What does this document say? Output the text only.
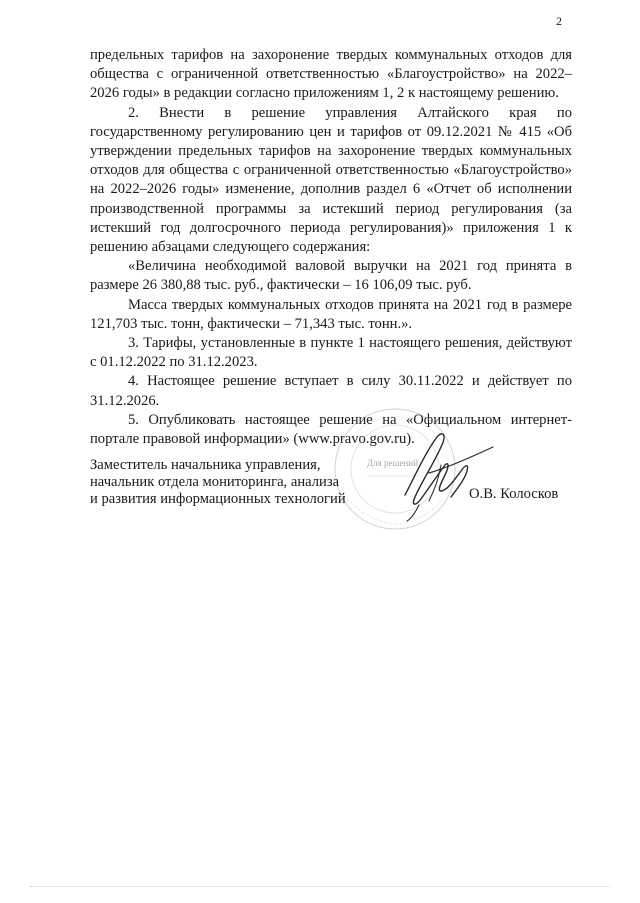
2

предельных тарифов на захоронение твердых коммунальных отходов для общества с ограниченной ответственностью «Благоустройство» на 2022–2026 годы» в редакции согласно приложениям 1, 2 к настоящему решению.

2. Внести в решение управления Алтайского края по государственному регулированию цен и тарифов от 09.12.2021 № 415 «Об утверждении предельных тарифов на захоронение твердых коммунальных отходов для общества с ограниченной ответственностью «Благоустройство» на 2022–2026 годы» изменение, дополнив раздел 6 «Отчет об исполнении производственной программы за истекший период регулирования (за истекший год долгосрочного периода регулирования)» приложения 1 к решению абзацами следующего содержания:

«Величина необходимой валовой выручки на 2021 год принята в размере 26 380,88 тыс. руб., фактически – 16 106,09 тыс. руб.

Масса твердых коммунальных отходов принята на 2021 год в размере 121,703 тыс. тонн, фактически – 71,343 тыс. тонн.».

3. Тарифы, установленные в пункте 1 настоящего решения, действуют с 01.12.2022 по 31.12.2023.

4. Настоящее решение вступает в силу 30.11.2022 и действует по 31.12.2026.

5. Опубликовать настоящее решение на «Официальном интернет-портале правовой информации» (www.pravo.gov.ru).

Для решений
Заместитель начальника управления,
начальник отдела мониторинга, анализа
и развития информационных технологий	О.В. Колосков
